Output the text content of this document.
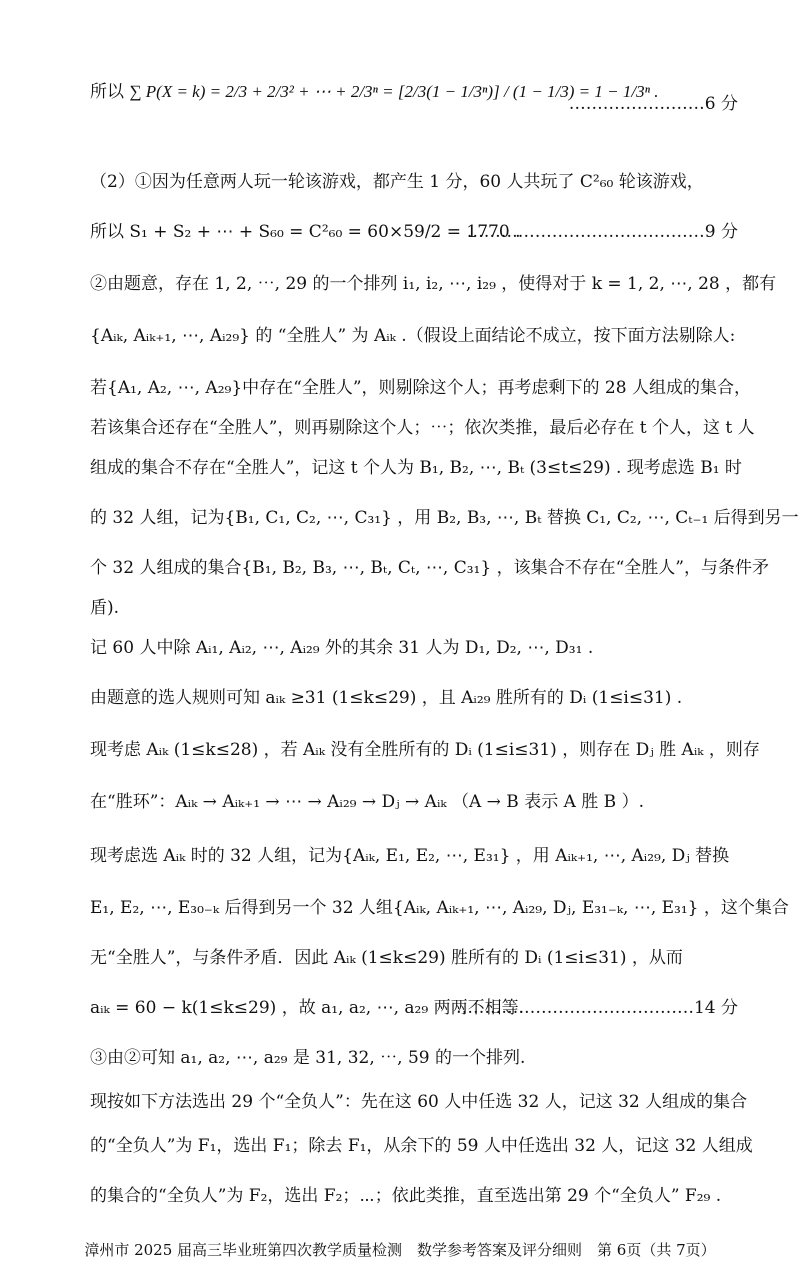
所以 ∑ P(X = k) = 2/3 + 2/3² + ⋯ + 2/3ⁿ = [2/3(1 − 1/3ⁿ)] / (1 − 1/3) = 1 − 1/3ⁿ .
……………………6 分
（2）①因为任意两人玩一轮该游戏，都产生 1 分，60 人共玩了 C²₆₀ 轮该游戏，
所以 S₁ + S₂ + ⋯ + S₆₀ = C²₆₀ = 60×59/2 = 1770 .
……………………………………9 分
②由题意，存在 1, 2, ⋯, 29 的一个排列 i₁, i₂, ⋯, i₂₉ ，使得对于 k = 1, 2, ⋯, 28 ，都有
{Aᵢₖ, Aᵢₖ₊₁, ⋯, Aᵢ₂₉} 的 “全胜人” 为 Aᵢₖ .（假设上面结论不成立，按下面方法剔除人:
若{A₁, A₂, ⋯, A₂₉}中存在“全胜人”，则剔除这个人；再考虑剩下的 28 人组成的集合，
若该集合还存在“全胜人”，则再剔除这个人；⋯；依次类推，最后必存在 t 个人，这 t 人
组成的集合不存在“全胜人”，记这 t 个人为 B₁, B₂, ⋯, Bₜ (3≤t≤29) . 现考虑选 B₁ 时
的 32 人组，记为{B₁, C₁, C₂, ⋯, C₃₁} ，用 B₂, B₃, ⋯, Bₜ 替换 C₁, C₂, ⋯, Cₜ₋₁ 后得到另一
个 32 人组成的集合{B₁, B₂, B₃, ⋯, Bₜ, Cₜ, ⋯, C₃₁} ，该集合不存在“全胜人”，与条件矛
盾).
记 60 人中除 Aᵢ₁, Aᵢ₂, ⋯, Aᵢ₂₉ 外的其余 31 人为 D₁, D₂, ⋯, D₃₁ .
由题意的选人规则可知 aᵢₖ ≥31 (1≤k≤29) ，且 Aᵢ₂₉ 胜所有的 Dᵢ (1≤i≤31) .
现考虑 Aᵢₖ (1≤k≤28) ，若 Aᵢₖ 没有全胜所有的 Dᵢ (1≤i≤31) ，则存在 Dⱼ 胜 Aᵢₖ ，则存
在“胜环”：Aᵢₖ → Aᵢₖ₊₁ → ⋯ → Aᵢ₂₉ → Dⱼ → Aᵢₖ （A → B 表示 A 胜 B ）.
现考虑选 Aᵢₖ 时的 32 人组，记为{Aᵢₖ, E₁, E₂, ⋯, E₃₁} ，用 Aᵢₖ₊₁, ⋯, Aᵢ₂₉, Dⱼ 替换
E₁, E₂, ⋯, E₃₀₋ₖ 后得到另一个 32 人组{Aᵢₖ, Aᵢₖ₊₁, ⋯, Aᵢ₂₉, Dⱼ, E₃₁₋ₖ, ⋯, E₃₁} ，这个集合
无“全胜人”，与条件矛盾．因此 Aᵢₖ (1≤k≤29) 胜所有的 Dᵢ (1≤i≤31) ，从而
aᵢₖ = 60 − k(1≤k≤29) ，故 a₁, a₂, ⋯, a₂₉ 两两不相等.
……………………………………14 分
③由②可知 a₁, a₂, ⋯, a₂₉ 是 31, 32, ⋯, 59 的一个排列.
现按如下方法选出 29 个“全负人”：先在这 60 人中任选 32 人，记这 32 人组成的集合
的“全负人”为 F₁，选出 F₁；除去 F₁，从余下的 59 人中任选出 32 人，记这 32 人组成
的集合的“全负人”为 F₂，选出 F₂；⋯；依此类推，直至选出第 29 个“全负人” F₂₉ .
漳州市 2025 届高三毕业班第四次教学质量检测　数学参考答案及评分细则　第 6页（共 7页）
